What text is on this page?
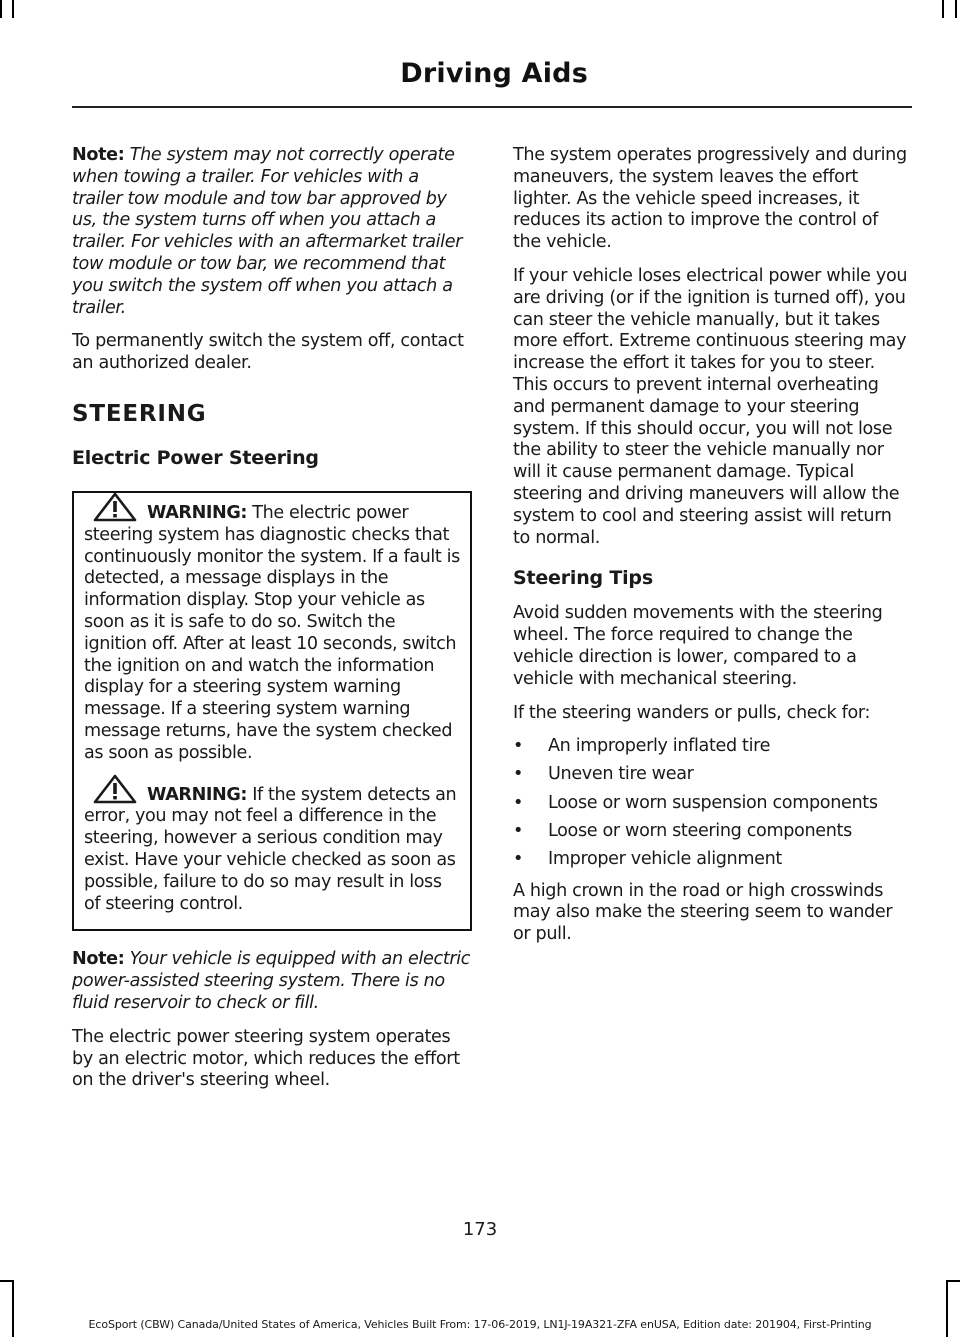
Driving Aids

Note: The system may not correctly operate when towing a trailer. For vehicles with a trailer tow module and tow bar approved by us, the system turns off when you attach a trailer. For vehicles with an aftermarket trailer tow module or tow bar, we recommend that you switch the system off when you attach a trailer.

To permanently switch the system off, contact an authorized dealer.

STEERING
Electric Power Steering

WARNING: The electric power steering system has diagnostic checks that continuously monitor the system. If a fault is detected, a message displays in the information display. Stop your vehicle as soon as it is safe to do so. Switch the ignition off. After at least 10 seconds, switch the ignition on and watch the information display for a steering system warning message. If a steering system warning message returns, have the system checked as soon as possible.

WARNING: If the system detects an error, you may not feel a difference in the steering, however a serious condition may exist. Have your vehicle checked as soon as possible, failure to do so may result in loss of steering control.

Note: Your vehicle is equipped with an electric power-assisted steering system. There is no fluid reservoir to check or fill.

The electric power steering system operates by an electric motor, which reduces the effort on the driver's steering wheel.

The system operates progressively and during maneuvers, the system leaves the effort lighter. As the vehicle speed increases, it reduces its action to improve the control of the vehicle.

If your vehicle loses electrical power while you are driving (or if the ignition is turned off), you can steer the vehicle manually, but it takes more effort. Extreme continuous steering may increase the effort it takes for you to steer. This occurs to prevent internal overheating and permanent damage to your steering system. If this should occur, you will not lose the ability to steer the vehicle manually nor will it cause permanent damage. Typical steering and driving maneuvers will allow the system to cool and steering assist will return to normal.

Steering Tips

Avoid sudden movements with the steering wheel. The force required to change the vehicle direction is lower, compared to a vehicle with mechanical steering.

If the steering wanders or pulls, check for:

• An improperly inflated tire
• Uneven tire wear
• Loose or worn suspension components
• Loose or worn steering components
• Improper vehicle alignment

A high crown in the road or high crosswinds may also make the steering seem to wander or pull.

173
EcoSport (CBW) Canada/United States of America, Vehicles Built From: 17-06-2019, LN1J-19A321-ZFA enUSA, Edition date: 201904, First-Printing
